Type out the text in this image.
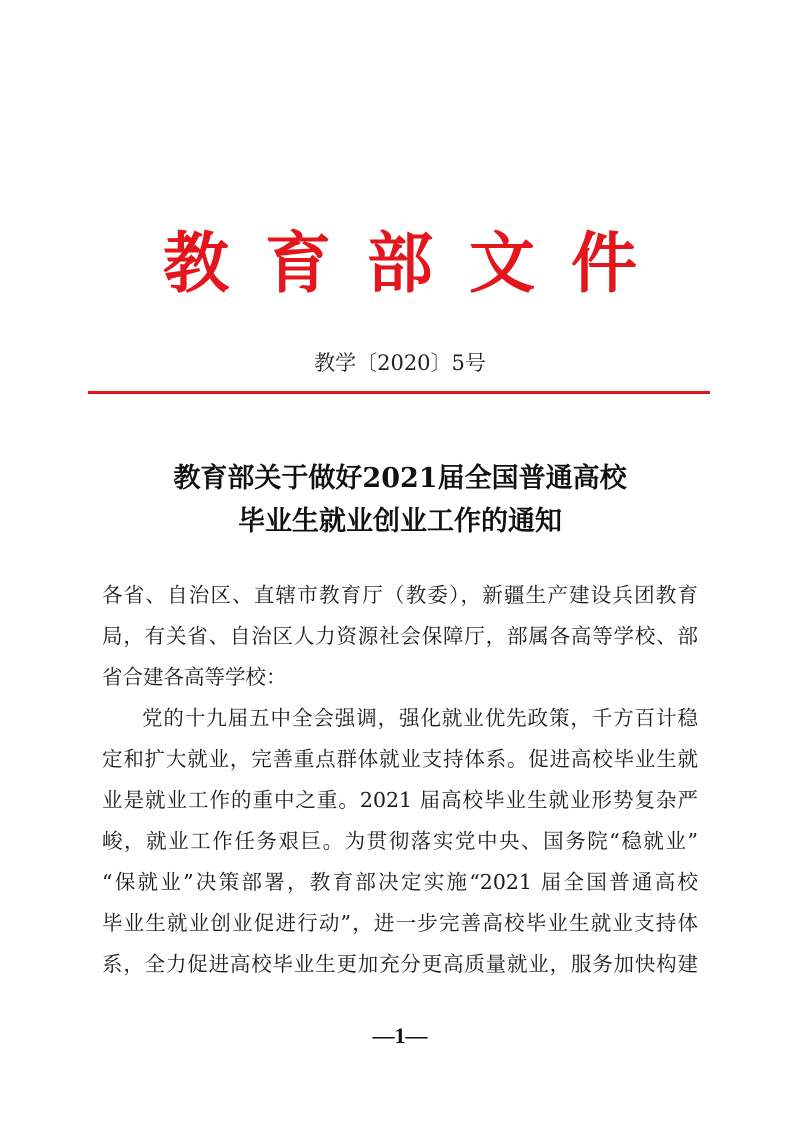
教育部文件
教学〔2020〕5号
教育部关于做好2021届全国普通高校
毕业生就业创业工作的通知
各省、自治区、直辖市教育厅（教委），新疆生产建设兵团教育
局，有关省、自治区人力资源社会保障厅，部属各高等学校、部
省合建各高等学校：
党的十九届五中全会强调，强化就业优先政策，千方百计稳
定和扩大就业，完善重点群体就业支持体系。促进高校毕业生就
业是就业工作的重中之重。2021 届高校毕业生就业形势复杂严
峻，就业工作任务艰巨。为贯彻落实党中央、国务院“稳就业”
“保就业”决策部署，教育部决定实施“2021 届全国普通高校
毕业生就业创业促进行动”，进一步完善高校毕业生就业支持体
系，全力促进高校毕业生更加充分更高质量就业，服务加快构建
—1—
